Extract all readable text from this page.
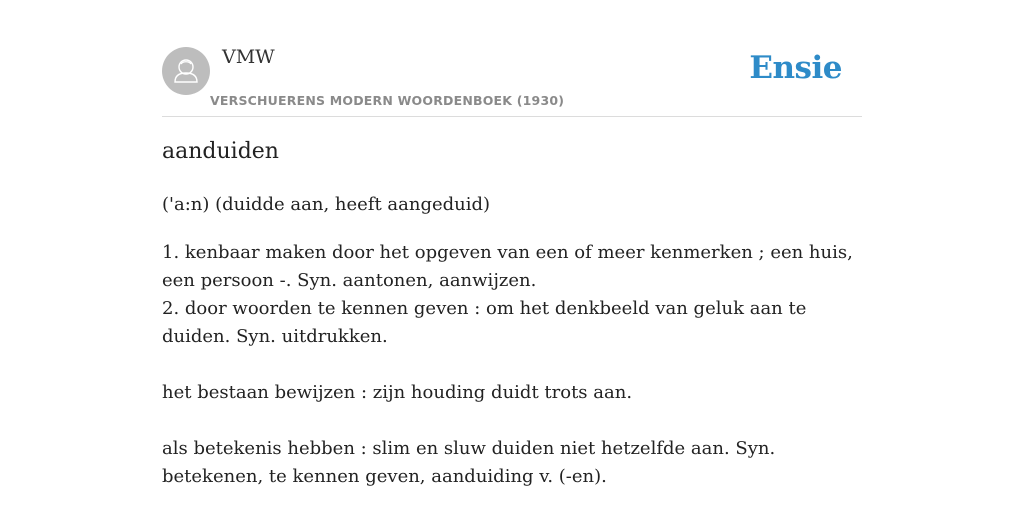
VMW
VERSCHUERENS MODERN WOORDENBOEK (1930)
Ensie
aanduiden

('a:n) (duidde aan, heeft aangeduid)

1. kenbaar maken door het opgeven van een of meer kenmerken ; een huis, een persoon -. Syn. aantonen, aanwijzen.

2. door woorden te kennen geven : om het denkbeeld van geluk aan te duiden. Syn. uitdrukken.

het bestaan bewijzen : zijn houding duidt trots aan.

als betekenis hebben : slim en sluw duiden niet hetzelfde aan. Syn. betekenen, te kennen geven, aanduiding v. (-en).
